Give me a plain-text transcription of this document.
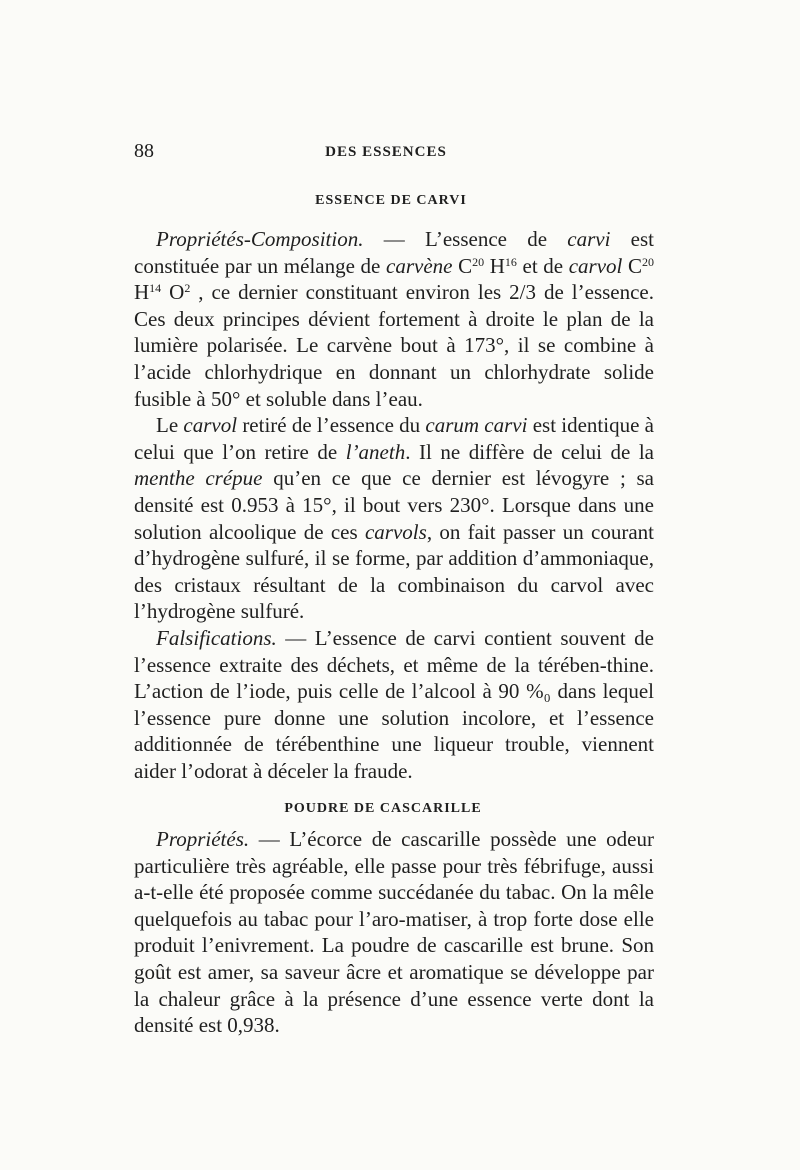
88	DES ESSENCES
ESSENCE DE CARVI

Propriétés-Composition. — L’essence de carvi est constituée par un mélange de carvène $C^{20}$ $H^{16}$ et de carvol $C^{20}$ $H^{14}$ $O^2$ , ce dernier constituant environ les 2/3 de l’essence. Ces deux principes dévient fortement à droite le plan de la lumière polarisée. Le carvène bout à 173°, il se combine à l’acide chlorhydrique en donnant un chlorhydrate solide fusible à 50° et soluble dans l’eau.

Le carvol retiré de l’essence du carum carvi est identique à celui que l’on retire de l’aneth. Il ne diffère de celui de la menthe crépue qu’en ce que ce dernier est lévogyre ; sa densité est 0.953 à 15°, il bout vers 230°. Lorsque dans une solution alcoolique de ces carvols, on fait passer un courant d’hydrogène sulfuré, il se forme, par addition d’ammoniaque, des cristaux résultant de la combinaison du carvol avec l’hydrogène sulfuré.

Falsifications. — L’essence de carvi contient souvent de l’essence extraite des déchets, et même de la térében-thine. L’action de l’iode, puis celle de l’alcool à 90 %₀ dans lequel l’essence pure donne une solution incolore, et l’essence additionnée de térébenthine une liqueur trouble, viennent aider l’odorat à déceler la fraude.

POUDRE DE CASCARILLE

Propriétés. — L’écorce de cascarille possède une odeur particulière très agréable, elle passe pour très fébrifuge, aussi a-t-elle été proposée comme succédanée du tabac. On la mêle quelquefois au tabac pour l’aro-matiser, à trop forte dose elle produit l’enivrement. La poudre de cascarille est brune. Son goût est amer, sa saveur âcre et aromatique se développe par la chaleur grâce à la présence d’une essence verte dont la densité est 0,938.
